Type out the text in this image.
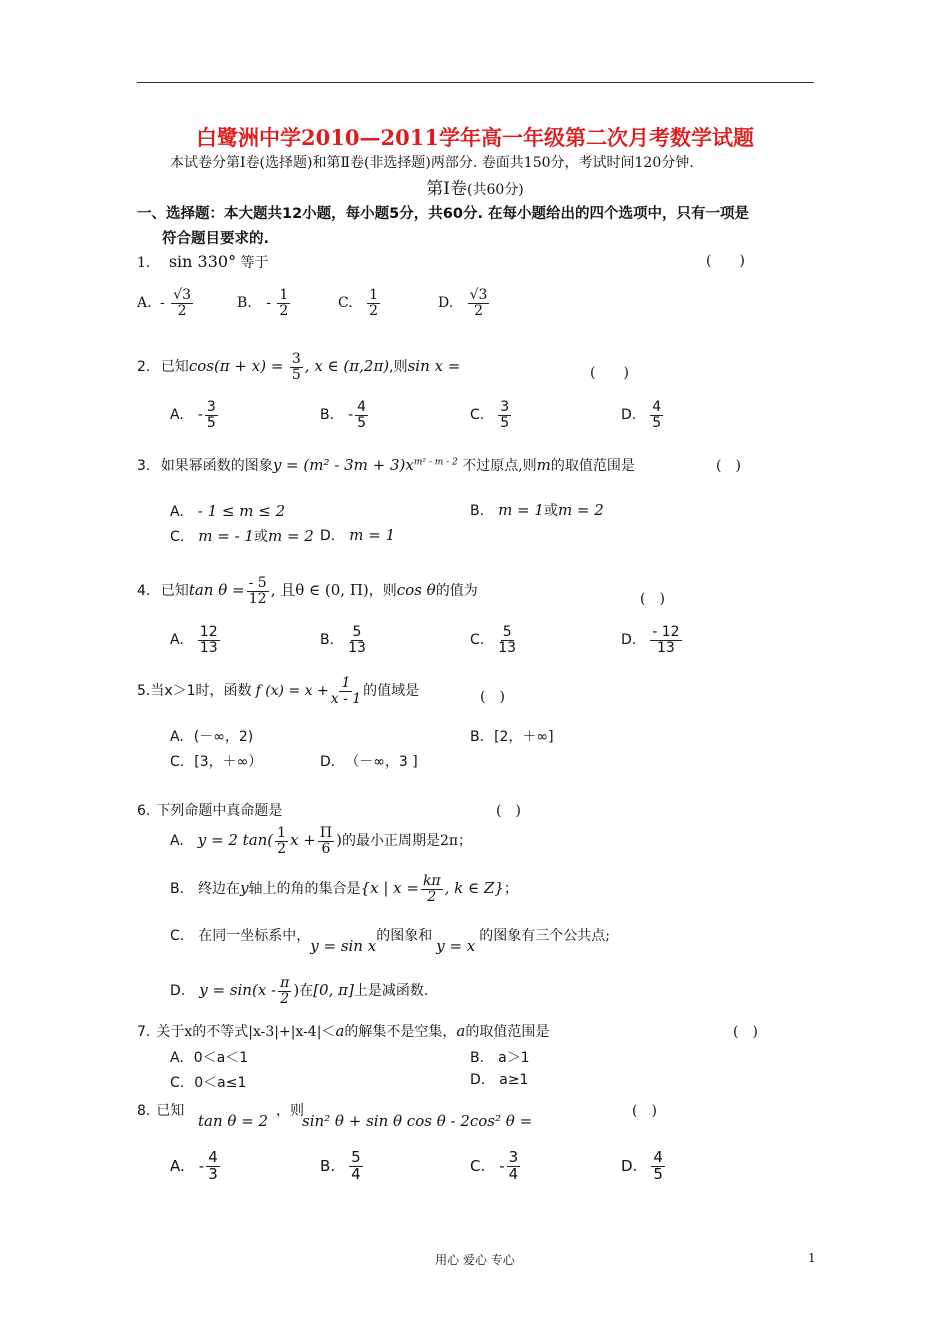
白鹭洲中学2010—2011学年高一年级第二次月考数学试题
本试卷分第Ⅰ卷(选择题)和第Ⅱ卷(非选择题)两部分. 卷面共150分，考试时间120分钟.
第Ⅰ卷(共60分)
一、选择题：本大题共12小题，每小题5分，共60分. 在每小题给出的四个选项中，只有一项是
符合题目要求的.
1. sin 330° 等于	(　　)
A. - $\frac{√3}{2}$	B. - $\frac{1}{2}$	C. $\frac{1}{2}$	D. $\frac{√3}{2}$
2. 已知$\cos(\pi + x) = \frac{3}{5}$ , x ∈ (π,2π),则sin x =	(　　)
A. - $\frac{3}{5}$	B. - $\frac{4}{5}$	C. $\frac{3}{5}$	D. $\frac{4}{5}$
3. 如果幂函数的图象$y = (m^2 - 3m + 3)x^{m^2 - m - 2}$ 不过原点,则m的取值范围是	(　)
A. - 1 ≤ m ≤ 2	B. m = 1或m = 2
C. m = - 1或m = 2 D. m = 1
4. 已知$\tan \theta = \frac{- 5}{12}$ , 且θ ∈ (0, Π)，则cos θ的值为	(　)
A. $\frac{12}{13}$	B. $\frac{5}{13}$	C. $\frac{5}{13}$	D. $\frac{- 12}{13}$
5.当x＞1时，函数 f $(x) = x + \frac{1}{x - 1}$ 的值域是	(　)
A. (－∞，2)	B. [2，＋∞]
C. [3，＋∞）	D. （－∞，3 ]
6. 下列命题中真命题是	(　)
A. y = 2 $\tan( \frac{1}{2}$ $x + \frac{\Pi}{6}$ )的最小正周期是2π；
B. 终边在y轴上的角的集合是{x | $x = \frac{k\pi}{2}$ , k ∈ Z}；
C. 在同一坐标系中，y = sin x的图象和y = x的图象有三个公共点;
D. $y = \sin(x - \frac{\pi}{2}$ )在[0, π]上是减函数.
7. 关于x的不等式|x-3|+|x-4|＜a的解集不是空集，a的取值范围是	(　)
A. 0＜a＜1	B. a＞1
C. 0＜a≤1	D. a≥1
8. 已知
tan θ = 2
，则
sin² θ + sin θ cos θ - 2cos² θ =
(　)
A. - $\frac{4}{3}$	B. $\frac{5}{4}$	C. - $\frac{3}{4}$	D. $\frac{4}{5}$
用心 爱心 专心	1
